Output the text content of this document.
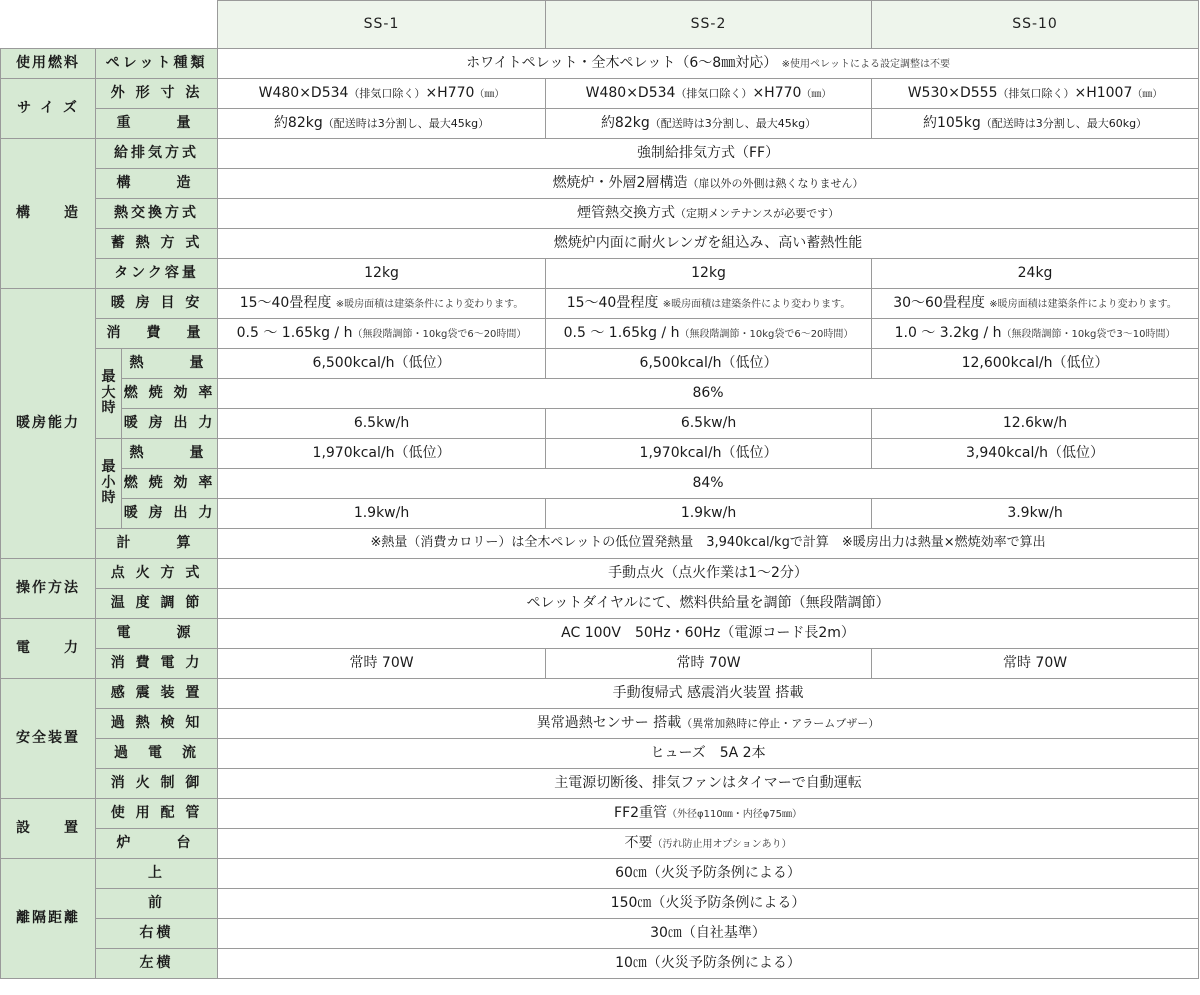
			SS-1	SS-2	SS-10
使用燃料	ペレット種類		ホワイトペレット・全木ペレット（6〜8㎜対応） ※使用ペレットによる設定調整は不要		
サ イ ズ	外 形 寸 法		W480×D534（排気口除く）×H770（㎜）	W480×D534（排気口除く）×H770（㎜）	W530×D555（排気口除く）×H1007（㎜）
	重　　量		約82kg（配送時は3分割し、最大45kg）	約82kg（配送時は3分割し、最大45kg）	約105kg（配送時は3分割し、最大60kg）
構　　造	給排気方式		強制給排気方式（FF）		
	構　　造		燃焼炉・外層2層構造（扉以外の外側は熱くなりません）		
	熱交換方式		煙管熱交換方式（定期メンテナンスが必要です）		
	蓄 熱 方 式		燃焼炉内面に耐火レンガを組込み、高い蓄熱性能		
	タンク容量		12kg	12kg	24kg
暖房能力	暖 房 目 安		15〜40畳程度 ※暖房面積は建築条件により変わります。	15〜40畳程度 ※暖房面積は建築条件により変わります。	30〜60畳程度 ※暖房面積は建築条件により変わります。
	消　費　量		0.5 〜 1.65kg / h（無段階調節・10kg袋で6〜20時間）	0.5 〜 1.65kg / h（無段階調節・10kg袋で6〜20時間）	1.0 〜 3.2kg / h（無段階調節・10kg袋で3〜10時間）
	最大時	熱　　量	6,500kcal/h（低位）	6,500kcal/h（低位）	12,600kcal/h（低位）
		燃 焼 効 率	86%		
		暖 房 出 力	6.5kw/h	6.5kw/h	12.6kw/h
	最小時	熱　　量	1,970kcal/h（低位）	1,970kcal/h（低位）	3,940kcal/h（低位）
		燃 焼 効 率	84%		
		暖 房 出 力	1.9kw/h	1.9kw/h	3.9kw/h
	計　　算		※熱量（消費カロリー）は全木ペレットの低位置発熱量　3,940kcal/kgで計算　※暖房出力は熱量×燃焼効率で算出		
操作方法	点 火 方 式		手動点火（点火作業は1〜2分）		
	温 度 調 節		ペレットダイヤルにて、燃料供給量を調節（無段階調節）		
電　　力	電　　源		AC 100V　50Hz・60Hz（電源コード長2m）		
	消 費 電 力		常時 70W	常時 70W	常時 70W
安全装置	感 震 装 置		手動復帰式 感震消火装置 搭載		
	過 熱 検 知		異常過熱センサー 搭載（異常加熱時に停止・アラームブザー）		
	過　電　流		ヒューズ　5A 2本		
	消 火 制 御		主電源切断後、排気ファンはタイマーで自動運転		
設　　置	使 用 配 管		FF2重管（外径φ110㎜・内径φ75㎜）		
	炉　　台		不要（汚れ防止用オプションあり）		
離隔距離	上		60㎝（火災予防条例による）		
	前		150㎝（火災予防条例による）		
	右横		30㎝（自社基準）		
	左横		10㎝（火災予防条例による）		
